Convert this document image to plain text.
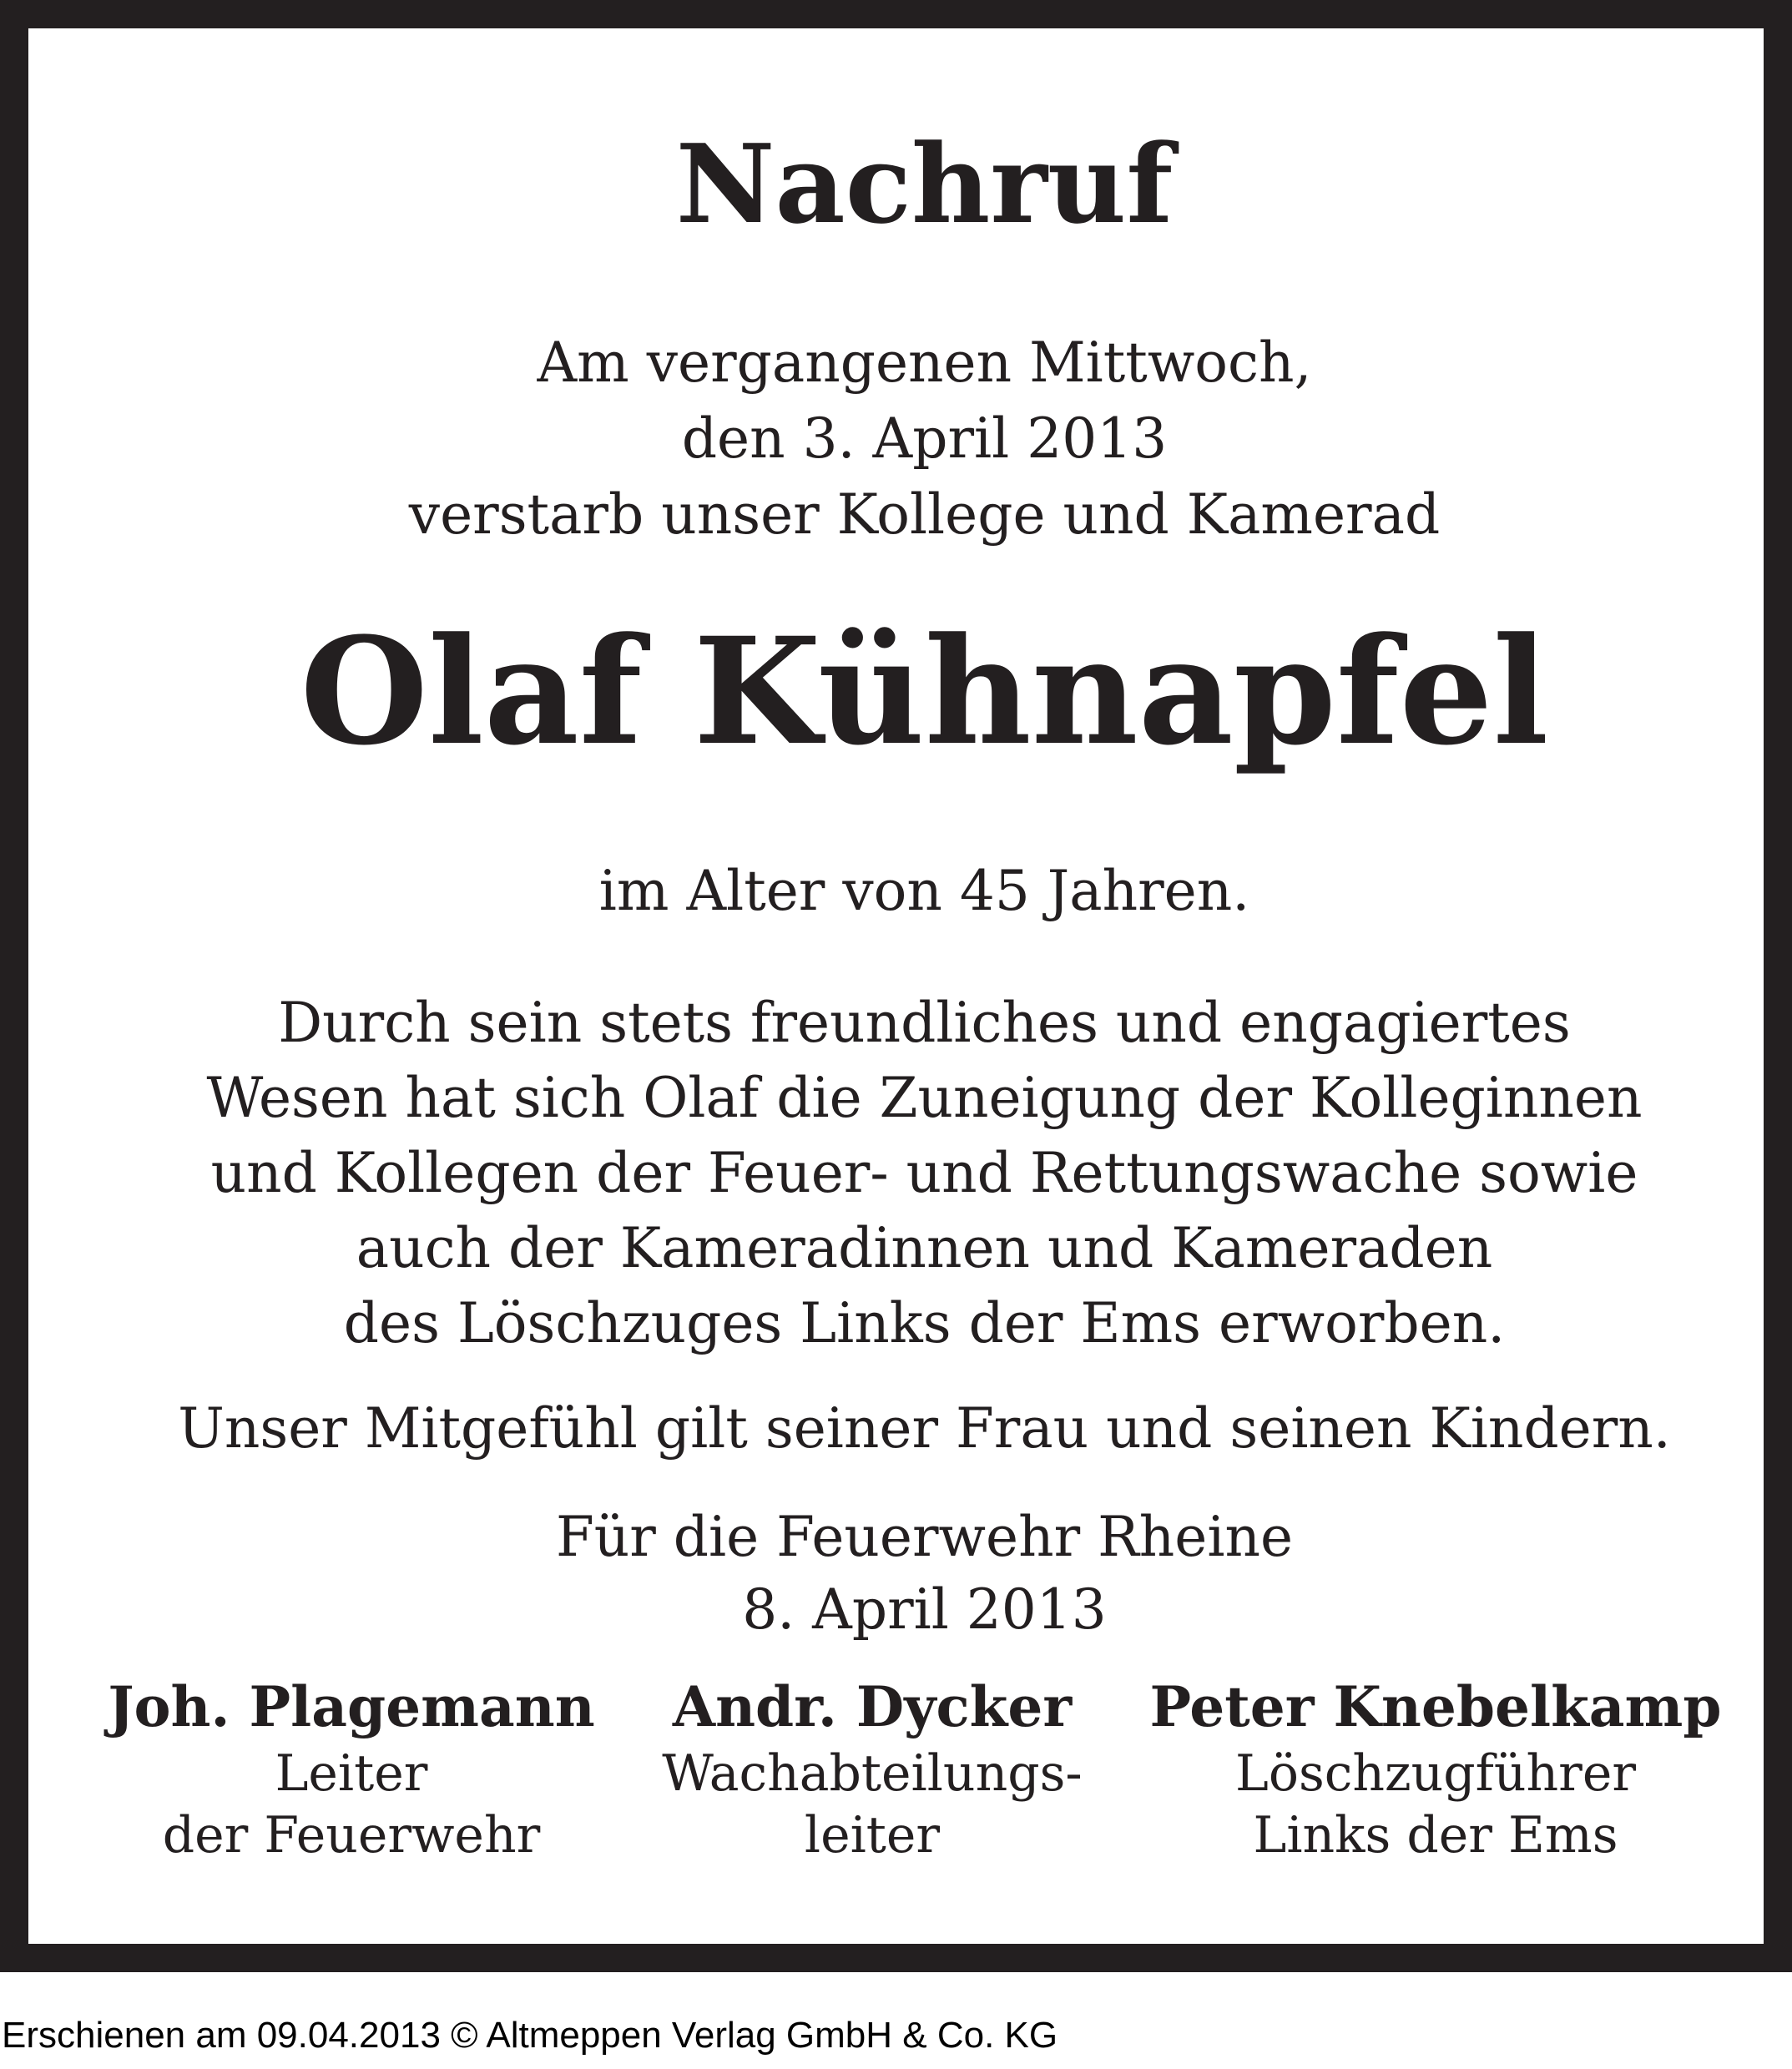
Nachruf
Am vergangenen Mittwoch,
den 3. April 2013
verstarb unser Kollege und Kamerad
Olaf Kühnapfel
im Alter von 45 Jahren.
Durch sein stets freundliches und engagiertes
Wesen hat sich Olaf die Zuneigung der Kolleginnen
und Kollegen der Feuer- und Rettungswache sowie
auch der Kameradinnen und Kameraden
des Löschzuges Links der Ems erworben.
Unser Mitgefühl gilt seiner Frau und seinen Kindern.
Für die Feuerwehr Rheine
8. April 2013
Joh. Plagemann
Leiter
der Feuerwehr
Andr. Dycker
Wachabteilungs-
leiter
Peter Knebelkamp
Löschzugführer
Links der Ems
Erschienen am 09.04.2013 © Altmeppen Verlag GmbH & Co. KG
